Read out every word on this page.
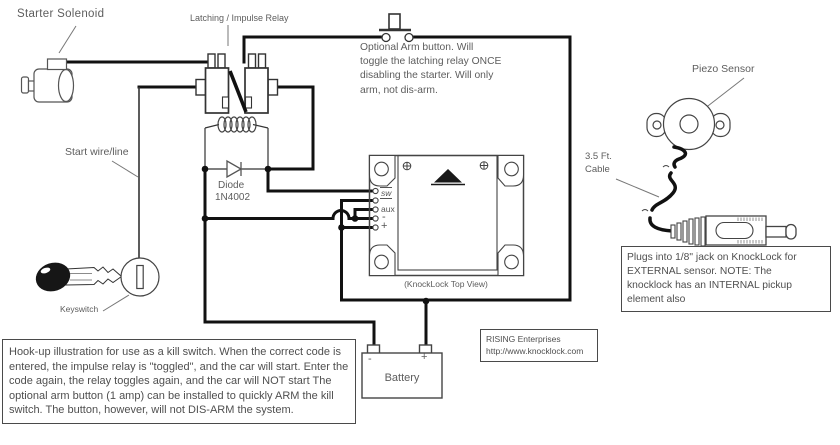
Starter Solenoid	Latching / Impulse Relay
Optional Arm button. Will
toggle the latching relay ONCE
disabling the starter. Will only
arm, not dis-arm.
Piezo Sensor
3.5 Ft.
Cable
Start wire/line
Diode
1N4002
Keyswitch
sw
aux
-
+
(KnockLock Top View)
Battery
-	+
RISING Enterprises
http://www.knocklock.com
Plugs into 1/8" jack on KnockLock for
EXTERNAL sensor. NOTE: The
knocklock has an INTERNAL pickup
element also
Hook-up illustration for use as a kill switch. When the correct code is
entered, the impulse relay is "toggled", and the car will start. Enter the
code again, the relay toggles again, and the car will NOT start The
optional arm button (1 amp) can be installed to quickly ARM the kill
switch. The button, however, will not DIS-ARM the system.
